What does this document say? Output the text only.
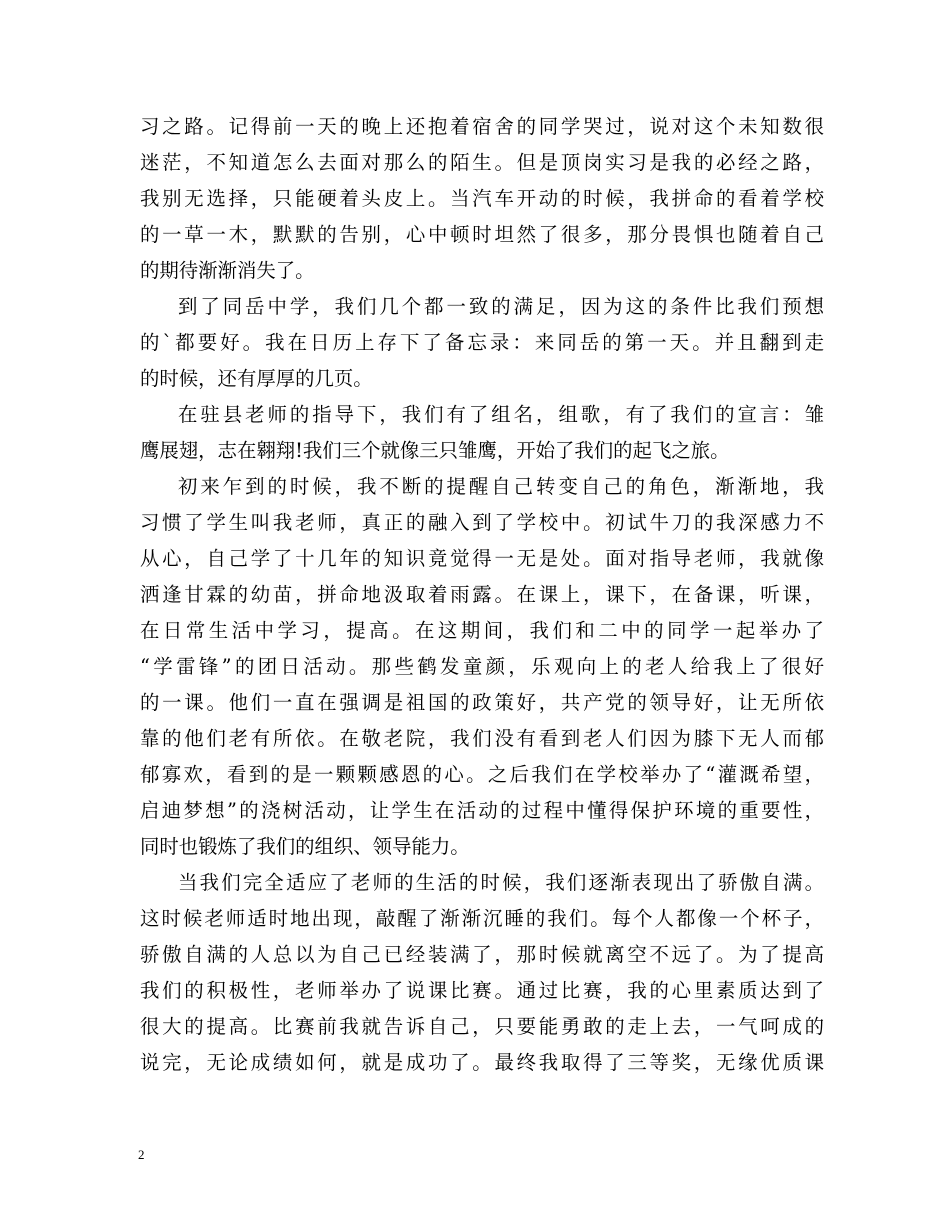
习之路。记得前一天的晚上还抱着宿舍的同学哭过，说对这个未知数很
迷茫，不知道怎么去面对那么的陌生。但是顶岗实习是我的必经之路，
我别无选择，只能硬着头皮上。当汽车开动的时候，我拼命的看着学校
的一草一木，默默的告别，心中顿时坦然了很多，那分畏惧也随着自己
的期待渐渐消失了。
到了同岳中学，我们几个都一致的满足，因为这的条件比我们预想
的`都要好。我在日历上存下了备忘录：来同岳的第一天。并且翻到走
的时候，还有厚厚的几页。
在驻县老师的指导下，我们有了组名，组歌，有了我们的宣言：雏
鹰展翅，志在翱翔!我们三个就像三只雏鹰，开始了我们的起飞之旅。
初来乍到的时候，我不断的提醒自己转变自己的角色，渐渐地，我
习惯了学生叫我老师，真正的融入到了学校中。初试牛刀的我深感力不
从心，自己学了十几年的知识竟觉得一无是处。面对指导老师，我就像
洒逢甘霖的幼苗，拼命地汲取着雨露。在课上，课下，在备课，听课，
在日常生活中学习，提高。在这期间，我们和二中的同学一起举办了
“学雷锋”的团日活动。那些鹤发童颜，乐观向上的老人给我上了很好
的一课。他们一直在强调是祖国的政策好，共产党的领导好，让无所依
靠的他们老有所依。在敬老院，我们没有看到老人们因为膝下无人而郁
郁寡欢，看到的是一颗颗感恩的心。之后我们在学校举办了“灌溉希望，
启迪梦想”的浇树活动，让学生在活动的过程中懂得保护环境的重要性，
同时也锻炼了我们的组织、领导能力。
当我们完全适应了老师的生活的时候，我们逐渐表现出了骄傲自满。
这时候老师适时地出现，敲醒了渐渐沉睡的我们。每个人都像一个杯子，
骄傲自满的人总以为自己已经装满了，那时候就离空不远了。为了提高
我们的积极性，老师举办了说课比赛。通过比赛，我的心里素质达到了
很大的提高。比赛前我就告诉自己，只要能勇敢的走上去，一气呵成的
说完，无论成绩如何，就是成功了。最终我取得了三等奖，无缘优质课
2
